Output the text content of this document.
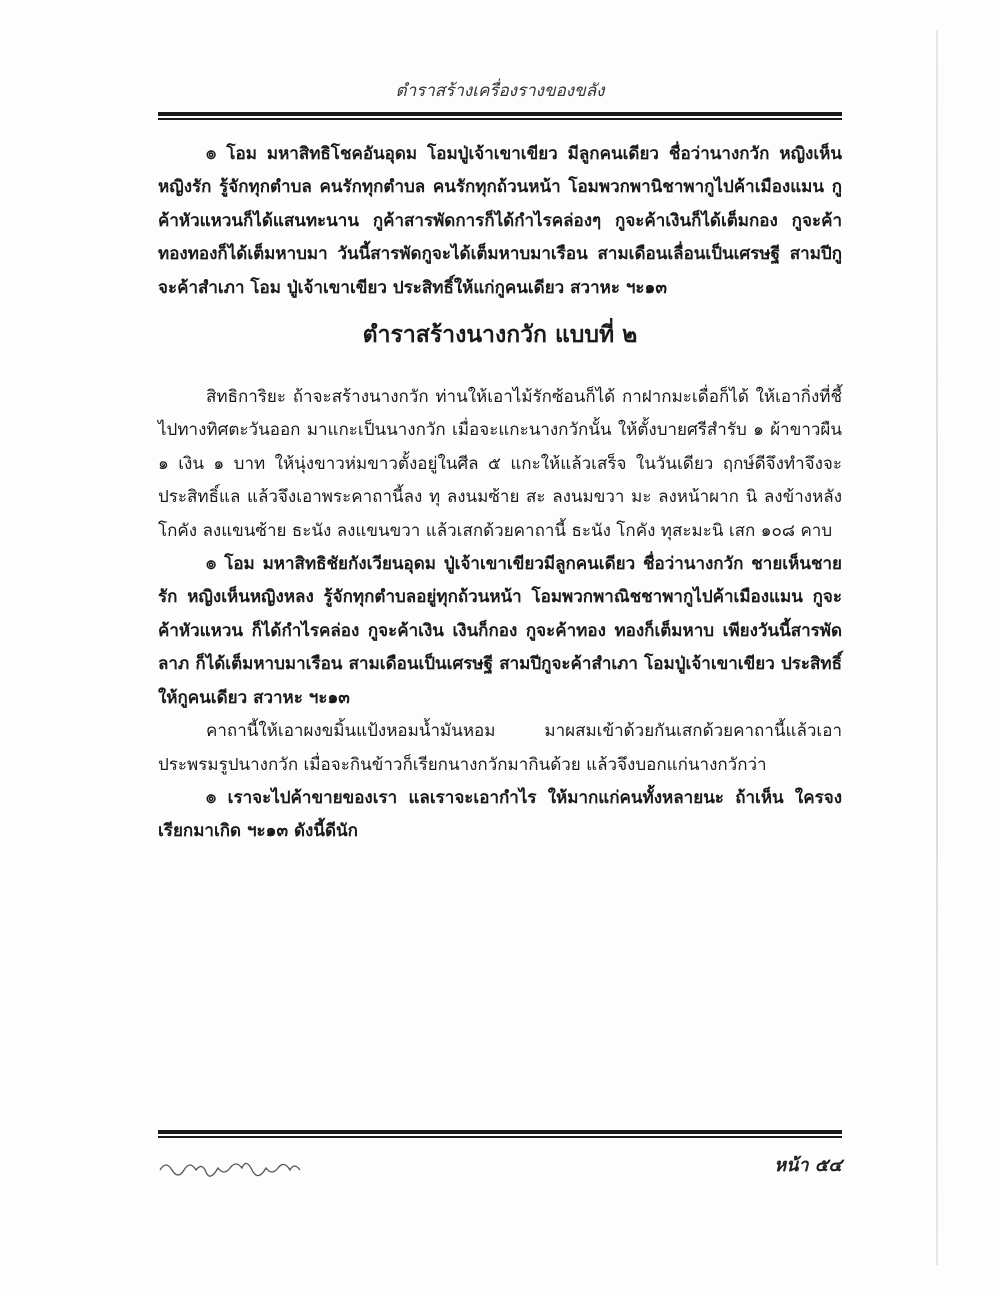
ตำราสร้างเครื่องรางของขลัง

๏ โอม มหาสิทธิโชคอันอุดม โอมปู่เจ้าเขาเขียว มีลูกคนเดียว ชื่อว่านางกวัก หญิงเห็นหญิงรัก รู้จักทุกตำบล คนรักทุกตำบล คนรักทุกถ้วนหน้า โอมพวกพานิชาพากูไปค้าเมืองแมน กูค้าหัวแหวนก็ได้แสนทะนาน กูค้าสารพัดการก็ได้กำไรคล่องๆ กูจะค้าเงินก็ได้เต็มกอง กูจะค้าทองทองก็ได้เต็มหาบมา วันนี้สารพัดกูจะได้เต็มหาบมาเรือน สามเดือนเลื่อนเป็นเศรษฐี สามปีกูจะค้าสำเภา โอม ปู่เจ้าเขาเขียว ประสิทธิ์ให้แก่กูคนเดียว สวาหะ ฯะ๑๓

ตำราสร้างนางกวัก แบบที่ ๒

สิทธิการิยะ ถ้าจะสร้างนางกวัก ท่านให้เอาไม้รักซ้อนก็ได้ กาฝากมะเดื่อก็ได้ ให้เอากิ่งที่ชี้ไปทางทิศตะวันออก มาแกะเป็นนางกวัก เมื่อจะแกะนางกวักนั้น ให้ตั้งบายศรีสำรับ ๑ ผ้าขาวผืน ๑ เงิน ๑ บาท ให้นุ่งขาวห่มขาวตั้งอยู่ในศีล ๕ แกะให้แล้วเสร็จ ในวันเดียว ฤกษ์ดีจึงทำจึงจะประสิทธิ์แล แล้วจึงเอาพระคาถานี้ลง ทุ ลงนมซ้าย สะ ลงนมขวา มะ ลงหน้าผาก นิ ลงข้างหลัง โกคัง ลงแขนซ้าย ธะนัง ลงแขนขวา แล้วเสกด้วยคาถานี้ ธะนัง โกคัง ทุสะมะนิ เสก ๑๐๘ คาบ

๏ โอม มหาสิทธิชัยกังเวียนอุดม ปู่เจ้าเขาเขียวมีลูกคนเดียว ชื่อว่านางกวัก ชายเห็นชายรัก หญิงเห็นหญิงหลง รู้จักทุกตำบลอยู่ทุกถ้วนหน้า โอมพวกพาณิชชาพากูไปค้าเมืองแมน กูจะค้าหัวแหวน ก็ได้กำไรคล่อง กูจะค้าเงิน เงินก็กอง กูจะค้าทอง ทองก็เต็มหาบ เพียงวันนี้สารพัดลาภ ก็ได้เต็มหาบมาเรือน สามเดือนเป็นเศรษฐี สามปีกูจะค้าสำเภา โอมปู่เจ้าเขาเขียว ประสิทธิ์ให้กูคนเดียว สวาหะ ฯะ๑๓

คาถานี้ให้เอาผงขมิ้นแป้งหอมน้ำมันหอม มาผสมเข้าด้วยกันเสกด้วยคาถานี้แล้วเอาประพรมรูปนางกวัก เมื่อจะกินข้าวก็เรียกนางกวักมากินด้วย แล้วจึงบอกแก่นางกวักว่า

๏ เราจะไปค้าขายของเรา แลเราจะเอากำไร ให้มากแก่คนทั้งหลายนะ ถ้าเห็น ใครจงเรียกมาเกิด ฯะ๑๓ ดังนี้ดีนัก

หน้า ๕๔
